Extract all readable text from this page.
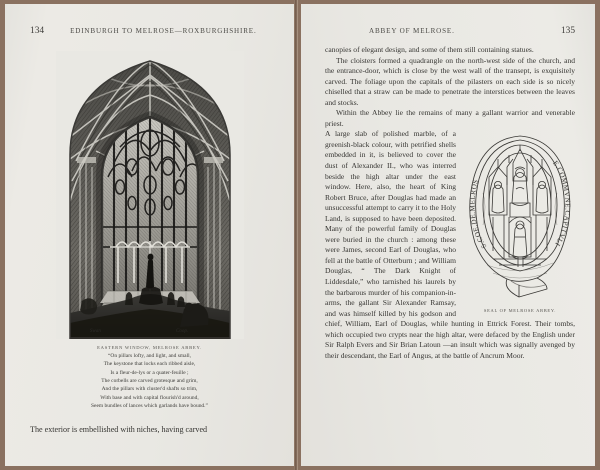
134	EDINBURGH TO MELROSE—ROXBURGHSHIRE.
Swan	Coop.
EASTERN WINDOW, MELROSE ABBEY.
“On pillars lofty, and light, and small,
The keystone that locks each ribbed aisle,
Is a fleur-de-lys or a quater-feuille ;
The corbells are carved grotesque and grim,
And the pillars with cluster'd shafts so trim,
With base and with capital flourish'd around,
Seem bundles of lances which garlands have bound.”
The exterior is embellished with niches, having carved
ABBEY OF MELROSE.	135

canopies of elegant design, and some of them still containing statues.

The cloisters formed a quadrangle on the north-west side of the church, and the entrance-door, which is close by the west wall of the transept, is exquisitely carved. The foliage upon the capitals of the pilasters on each side is so nicely chiselled that a straw can be made to penetrate the interstices between the leaves and stocks.

Within the Abbey lie the remains of many a gallant warrior and venerable priest.

S.COE.DE.MELROS
E.COMMVNE.CAPITVLI
SEAL OF MELROSE ABBEY.

A large slab of polished marble, of a greenish-black colour, with petrified shells embedded in it, is believed to cover the dust of Alexander II., who was interred beside the high altar under the east window. Here, also, the heart of King Robert Bruce, after Douglas had made an unsuccessful attempt to carry it to the Holy Land, is supposed to have been deposited. Many of the powerful family of Douglas were buried in the church : among these were James, second Earl of Douglas, who fell at the battle of Otterburn ; and William Douglas, “ The Dark Knight of Liddesdale,” who tarnished his laurels by the barbarous murder of his companion-in-arms, the gallant Sir Alexander Ramsay, and was himself killed by his godson and chief, William, Earl of Douglas, while hunting in Ettrick Forest. Their tombs, which occupied two crypts near the high altar, were defaced by the English under Sir Ralph Evers and Sir Brian Latoun —an insult which was signally avenged by their descendant, the Earl of Angus, at the battle of Ancrum Moor.
